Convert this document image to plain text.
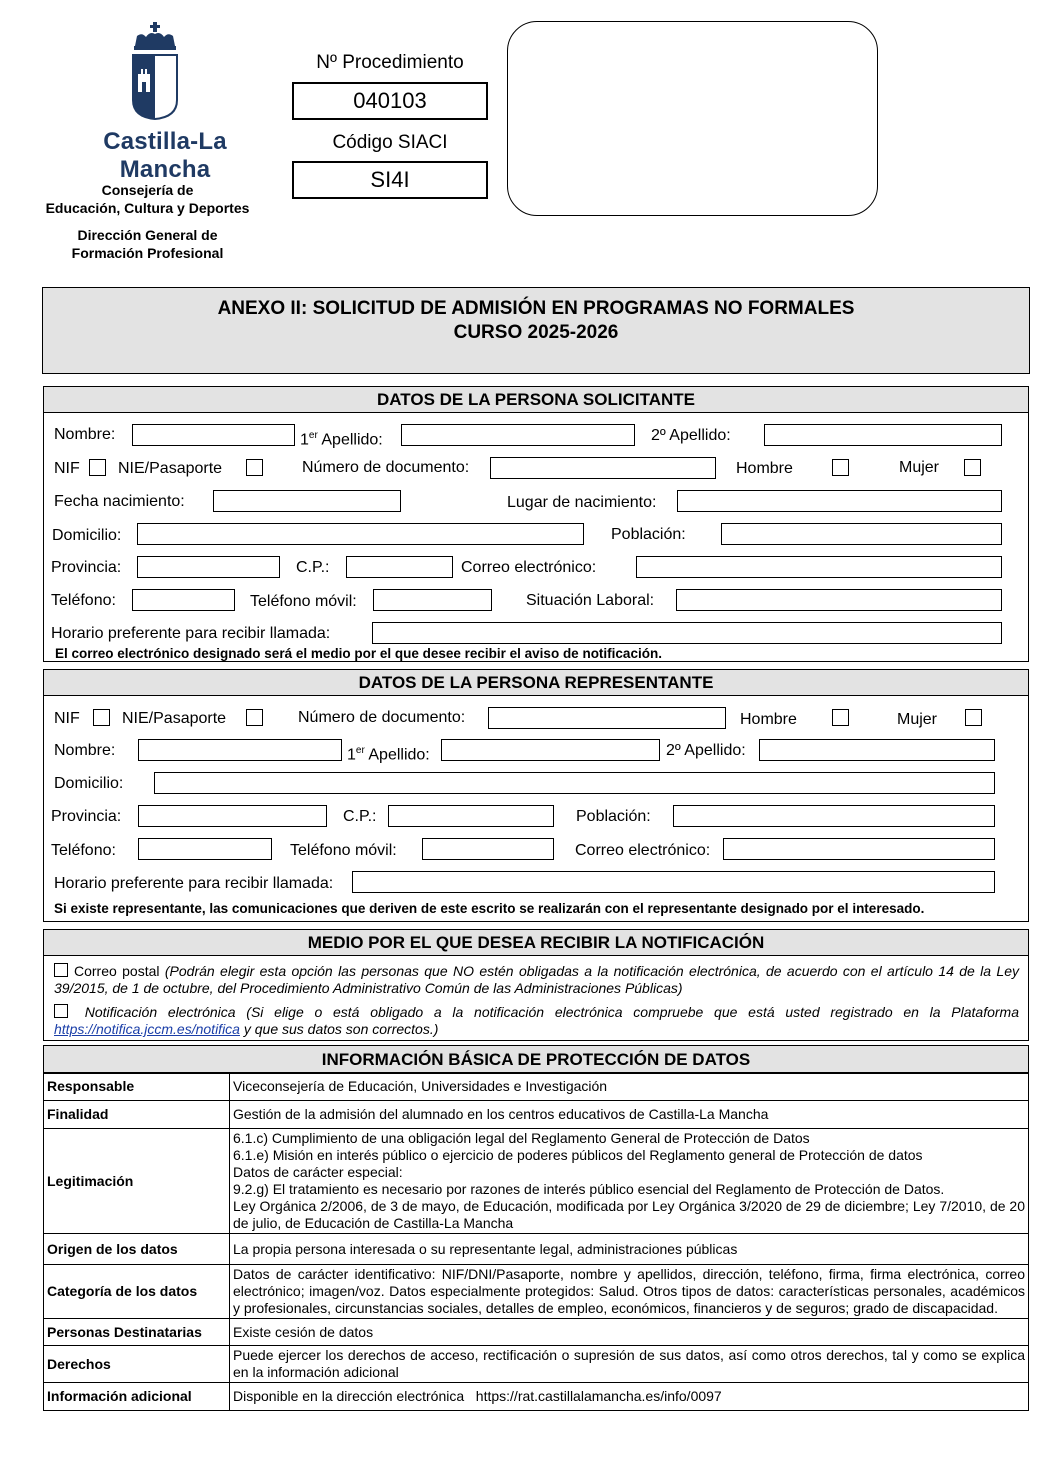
Castilla-La Mancha
Consejería de
Educación, Cultura y Deportes
Dirección General de
Formación Profesional
Nº Procedimiento
040103
Código SIACI
SI4I
ANEXO II: SOLICITUD DE ADMISIÓN EN PROGRAMAS NO FORMALES
CURSO 2025-2026
DATOS DE LA PERSONA SOLICITANTE
Nombre:	1er Apellido:	2º Apellido:
NIF NIE/Pasaporte	Número de documento:	Hombre	Mujer
Fecha nacimiento:	Lugar de nacimiento:
Domicilio:	Población:
Provincia:	C.P.:	Correo electrónico:
Teléfono:	Teléfono móvil:	Situación Laboral:
Horario preferente para recibir llamada:
El correo electrónico designado será el medio por el que desee recibir el aviso de notificación.
DATOS DE LA PERSONA REPRESENTANTE
NIF	NIE/Pasaporte	Número de documento:	Hombre	Mujer
Nombre:	1er Apellido:	2º Apellido:
Domicilio:
Provincia:	C.P.:	Población:
Teléfono:	Teléfono móvil:	Correo electrónico:
Horario preferente para recibir llamada:
Si existe representante, las comunicaciones que deriven de este escrito se realizarán con el representante designado por el interesado.
MEDIO POR EL QUE DESEA RECIBIR LA NOTIFICACIÓN
Correo postal (Podrán elegir esta opción las personas que NO estén obligadas a la notificación electrónica, de acuerdo con el artículo 14 de la Ley 39/2015, de 1 de octubre, del Procedimiento Administrativo Común de las Administraciones Públicas)
Notificación electrónica (Si elige o está obligado a la notificación electrónica compruebe que está usted registrado en la Plataforma https://notifica.jccm.es/notifica y que sus datos son correctos.)
INFORMACIÓN BÁSICA DE PROTECCIÓN DE DATOS
Responsable	Viceconsejería de Educación, Universidades e Investigación
Finalidad	Gestión de la admisión del alumnado en los centros educativos de Castilla-La Mancha
Legitimación	6.1.c) Cumplimiento de una obligación legal del Reglamento General de Protección de Datos
6.1.e) Misión en interés público o ejercicio de poderes públicos del Reglamento general de Protección de datos
Datos de carácter especial:
9.2.g) El tratamiento es necesario por razones de interés público esencial del Reglamento de Protección de Datos.
Ley Orgánica 2/2006, de 3 de mayo, de Educación, modificada por Ley Orgánica 3/2020 de 29 de diciembre; Ley 7/2010, de 20 de julio, de Educación de Castilla-La Mancha

Origen de los datos	La propia persona interesada o su representante legal, administraciones públicas
Categoría de los datos	Datos de carácter identificativo: NIF/DNI/Pasaporte, nombre y apellidos, dirección, teléfono, firma, firma electrónica, correo electrónico; imagen/voz. Datos especialmente protegidos: Salud. Otros tipos de datos: características personales, académicos y profesionales, circunstancias sociales, detalles de empleo, económicos, financieros y de seguros; grado de discapacidad.
Personas Destinatarias	Existe cesión de datos
Derechos	Puede ejercer los derechos de acceso, rectificación o supresión de sus datos, así como otros derechos, tal y como se explica en la información adicional
Información adicional	Disponible en la dirección electrónica   https://rat.castillalamancha.es/info/0097
